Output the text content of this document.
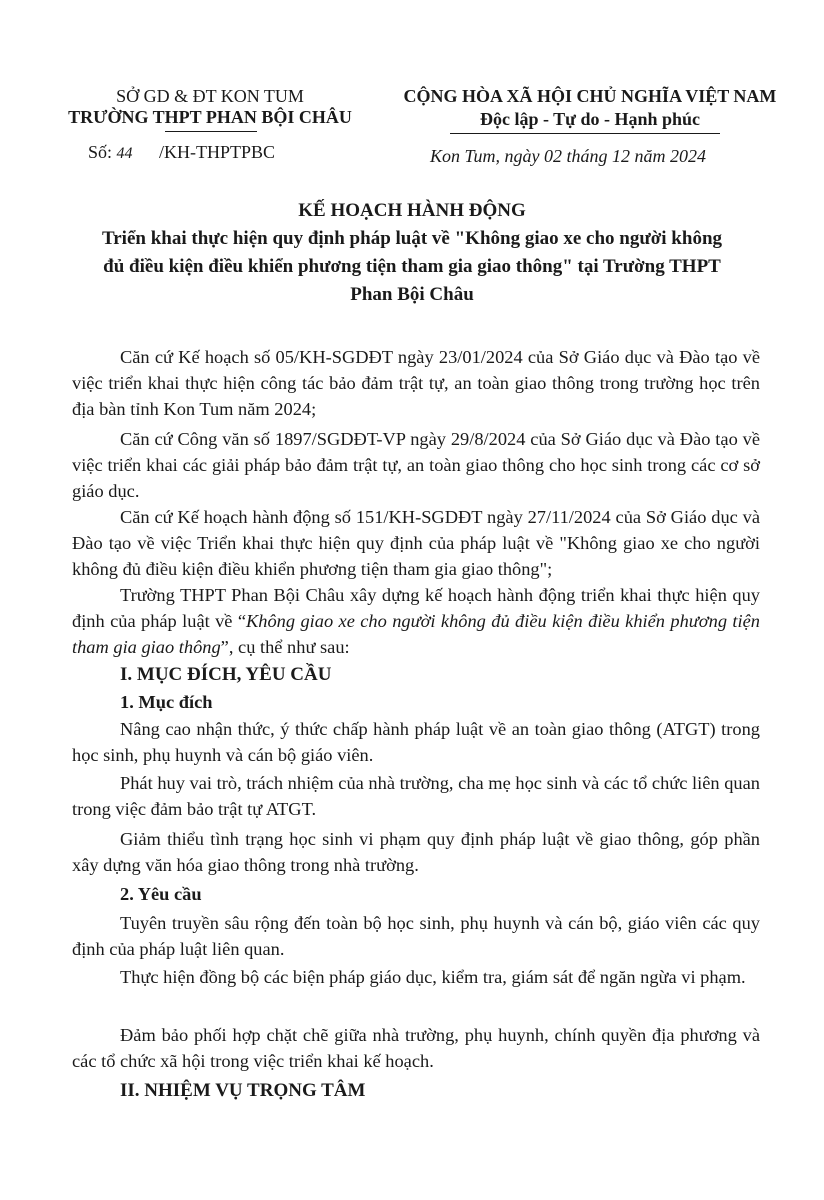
SỞ GD & ĐT KON TUM
TRƯỜNG THPT PHAN BỘI CHÂU
Số: 44 /KH-THPTPBC
CỘNG HÒA XÃ HỘI CHỦ NGHĨA VIỆT NAM
Độc lập - Tự do - Hạnh phúc
Kon Tum, ngày 02 tháng 12 năm 2024
KẾ HOẠCH HÀNH ĐỘNG
Triển khai thực hiện quy định pháp luật về "Không giao xe cho người không
đủ điều kiện điều khiển phương tiện tham gia giao thông" tại Trường THPT
Phan Bội Châu

Căn cứ Kế hoạch số 05/KH-SGDĐT ngày 23/01/2024 của Sở Giáo dục và Đào tạo về việc triển khai thực hiện công tác bảo đảm trật tự, an toàn giao thông trong trường học trên địa bàn tỉnh Kon Tum năm 2024;

Căn cứ Công văn số 1897/SGDĐT-VP ngày 29/8/2024 của Sở Giáo dục và Đào tạo về việc triển khai các giải pháp bảo đảm trật tự, an toàn giao thông cho học sinh trong các cơ sở giáo dục.

Căn cứ Kế hoạch hành động số 151/KH-SGDĐT ngày 27/11/2024 của Sở Giáo dục và Đào tạo về việc Triển khai thực hiện quy định của pháp luật về "Không giao xe cho người không đủ điều kiện điều khiển phương tiện tham gia giao thông";

Trường THPT Phan Bội Châu xây dựng kế hoạch hành động triển khai thực hiện quy định của pháp luật về “Không giao xe cho người không đủ điều kiện điều khiển phương tiện tham gia giao thông”, cụ thể như sau:

I. MỤC ĐÍCH, YÊU CẦU

1. Mục đích

Nâng cao nhận thức, ý thức chấp hành pháp luật về an toàn giao thông (ATGT) trong học sinh, phụ huynh và cán bộ giáo viên.

Phát huy vai trò, trách nhiệm của nhà trường, cha mẹ học sinh và các tổ chức liên quan trong việc đảm bảo trật tự ATGT.

Giảm thiểu tình trạng học sinh vi phạm quy định pháp luật về giao thông, góp phần xây dựng văn hóa giao thông trong nhà trường.

2. Yêu cầu

Tuyên truyền sâu rộng đến toàn bộ học sinh, phụ huynh và cán bộ, giáo viên các quy định của pháp luật liên quan.

Thực hiện đồng bộ các biện pháp giáo dục, kiểm tra, giám sát để ngăn ngừa vi phạm.

Đảm bảo phối hợp chặt chẽ giữa nhà trường, phụ huynh, chính quyền địa phương và các tổ chức xã hội trong việc triển khai kế hoạch.

II. NHIỆM VỤ TRỌNG TÂM
